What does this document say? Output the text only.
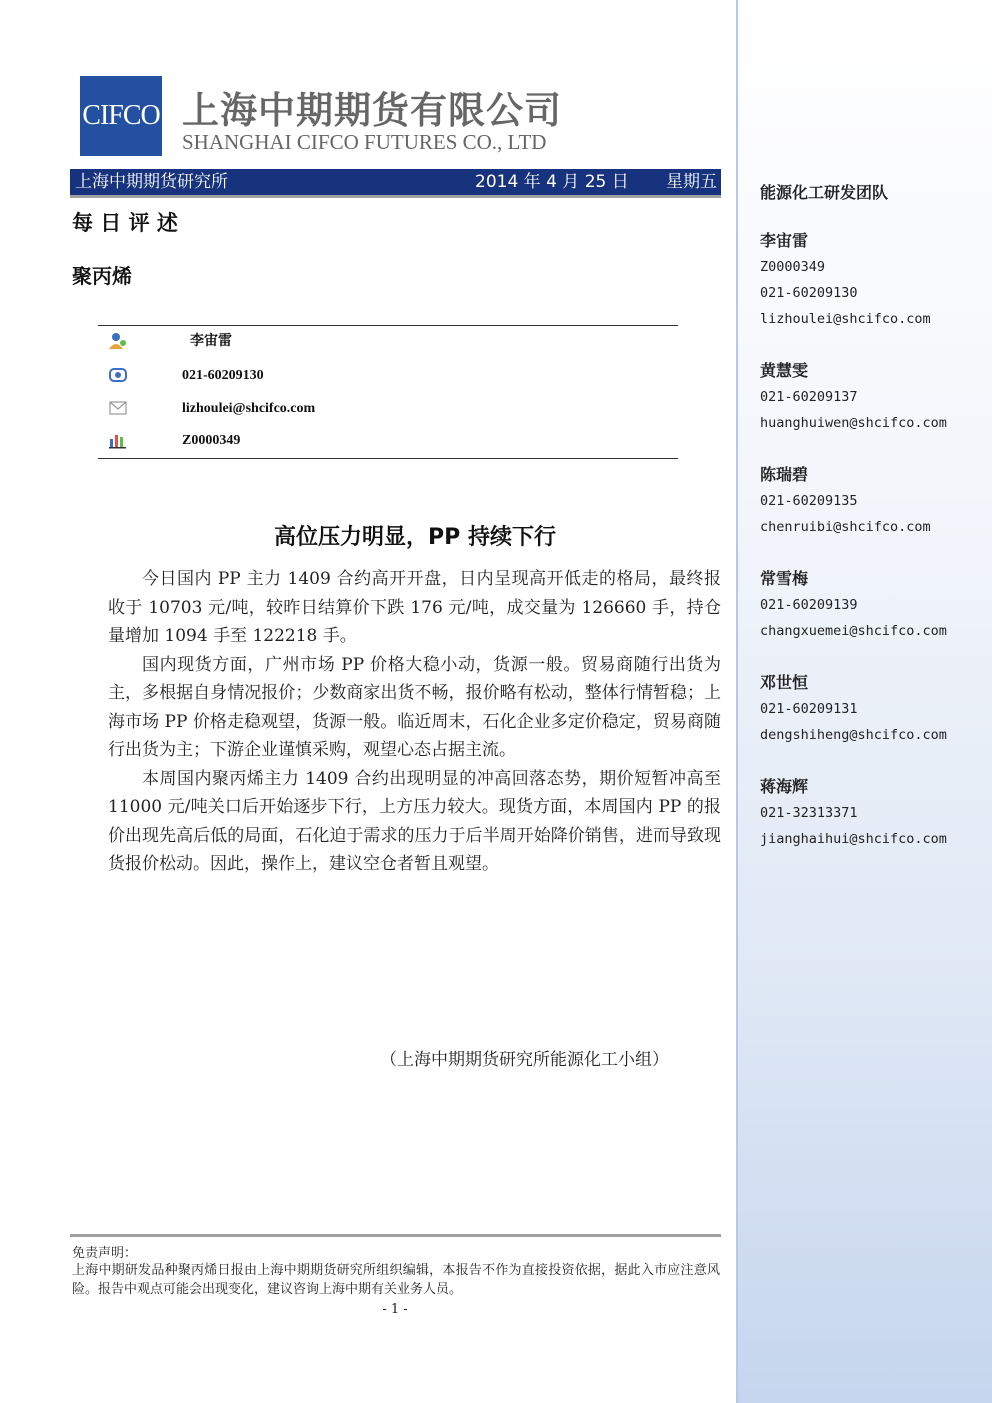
能源化工研发团队
李宙雷
Z0000349
021-60209130
lizhoulei@shcifco.com
黄慧雯
021-60209137
huanghuiwen@shcifco.com
陈瑞碧
021-60209135
chenruibi@shcifco.com
常雪梅
021-60209139
changxuemei@shcifco.com
邓世恒
021-60209131
dengshiheng@shcifco.com
蒋海辉
021-32313371
jianghaihui@shcifco.com
CIFCO 上海中期期货有限公司
SHANGHAI CIFCO FUTURES CO., LTD
上海中期期货研究所	2014 年 4 月 25 日 星期五
每 日 评 述
聚丙烯
李宙雷
021-60209130
lizhoulei@shcifco.com
Z0000349
高位压力明显，PP 持续下行

今日国内 PP 主力 1409 合约高开开盘，日内呈现高开低走的格局，最终报收于 10703 元/吨，较昨日结算价下跌 176 元/吨，成交量为 126660 手，持仓量增加 1094 手至 122218 手。

国内现货方面，广州市场 PP 价格大稳小动，货源一般。贸易商随行出货为主，多根据自身情况报价；少数商家出货不畅，报价略有松动，整体行情暂稳；上海市场 PP 价格走稳观望，货源一般。临近周末，石化企业多定价稳定，贸易商随行出货为主；下游企业谨慎采购，观望心态占据主流。

本周国内聚丙烯主力 1409 合约出现明显的冲高回落态势，期价短暂冲高至 11000 元/吨关口后开始逐步下行，上方压力较大。现货方面，本周国内 PP 的报价出现先高后低的局面，石化迫于需求的压力于后半周开始降价销售，进而导致现货报价松动。因此，操作上，建议空仓者暂且观望。

（上海中期期货研究所能源化工小组）
免责声明：
上海中期研发品种聚丙烯日报由上海中期期货研究所组织编辑，本报告不作为直接投资依据，据此入市应注意风险。报告中观点可能会出现变化，建议咨询上海中期有关业务人员。
- 1 -
